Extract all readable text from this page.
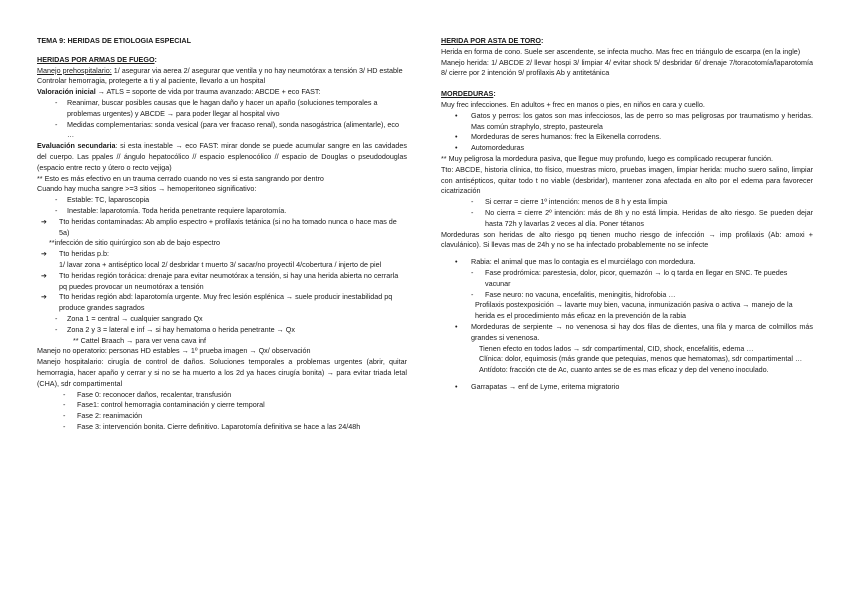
TEMA 9: HERIDAS DE ETIOLOGIA ESPECIAL

HERIDAS POR ARMAS DE FUEGO:

Manejo prehospitalario: 1/ asegurar via aerea 2/ asegurar que ventila y no hay neumotórax a tensión 3/ HD estable

Controlar hemorragia, protegerte a ti y al paciente, llevarlo a un hospital

Valoración inicial → ATLS = soporte de vida por trauma avanzado: ABCDE + eco FAST:

- Reanimar, buscar posibles causas que le hagan daño y hacer un apaño (soluciones temporales a problemas urgentes) y ABCDE → para poder llegar al hospital vivo
- Medidas complementarias: sonda vesical (para ver fracaso renal), sonda nasogástrica (alimentarle), eco …

Evaluación secundaria: si esta inestable → eco FAST: mirar donde se puede acumular sangre en las cavidades del cuerpo. Las ppales // ángulo hepatocólico // espacio esplenocólico // espacio de Douglas o pseudodouglas (espacio entre recto y útero o recto vejiga)

** Esto es más efectivo en un trauma cerrado cuando no ves si esta sangrando por dentro

Cuando hay mucha sangre >=3 sitios → hemoperitoneo significativo:

- Estable: TC, laparoscopia
- Inestable: laparotomía. Toda herida penetrante requiere laparotomía.
➔ Tto heridas contaminadas: Ab amplio espectro + profilaxis tetánica (si no ha tomado nunca o hace mas de 5a)

**infección de sitio quirúrgico son ab de bajo espectro

➔ Tto heridas p.b:

1/ lavar zona + antiséptico local 2/ desbridar t muerto 3/ sacar/no proyectil 4/cobertura / injerto de piel

➔ Tto heridas región torácica: drenaje para evitar neumotórax a tensión, si hay una herida abierta no cerrarla pq puedes provocar un neumotórax a tensión
➔ Tto heridas región abd: laparotomía urgente. Muy frec lesión esplénica → suele producir inestabilidad pq produce grandes sagrados
- Zona 1 = central → cualquier sangrado Qx
- Zona 2 y 3 = lateral e inf → si hay hematoma o herida penetrante → Qx

** Cattel Braach → para ver vena cava inf

Manejo no operatorio: personas HD estables → 1º prueba imagen → Qx/ observación

Manejo hospitalario: cirugía de control de daños. Soluciones temporales a problemas urgentes (abrir, quitar hemorragia, hacer apaño y cerrar y si no se ha muerto a los 2d ya haces cirugía bonita) → para evitar triada letal (CHA), sdr compartimental

- Fase 0: reconocer daños, recalentar, transfusión
- Fase1: control hemorragia contaminación y cierre temporal
- Fase 2: reanimación
- Fase 3: intervención bonita. Cierre definitivo. Laparotomía definitiva se hace a las 24/48h

HERIDA POR ASTA DE TORO:

Herida en forma de cono. Suele ser ascendente, se infecta mucho. Mas frec en triángulo de escarpa (en la ingle)

Manejo herida: 1/ ABCDE 2/ llevar hospi 3/ limpiar 4/ evitar shock 5/ desbridar 6/ drenaje 7/toracotomía/laparotomía 8/ cierre por 2 intención 9/ profilaxis Ab y antitetánica

MORDEDURAS:

Muy frec infecciones. En adultos + frec en manos o pies, en niños en cara y cuello.

• Gatos y perros: los gatos son mas infecciosos, las de perro so mas peligrosas por traumatismo y heridas. Mas común straphylo, strepto, pasteurela
• Mordeduras de seres humanos: frec la Eikenella corrodens.
• Automordeduras

** Muy peligrosa la mordedura pasiva, que llegue muy profundo, luego es complicado recuperar función.

Tto: ABCDE, historia clínica, tto físico, muestras micro, pruebas imagen, limpiar herida: mucho suero salino, limpiar con antisépticos, quitar todo t no viable (desbridar), mantener zona afectada en alto por el edema para favorecer cicatrización

- Si cerrar = cierre 1º intención: menos de 8 h y esta limpia
- No cierra = cierre 2º intención: más de 8h y no está limpia. Heridas de alto riesgo. Se pueden dejar hasta 72h y lavarlas 2 veces al día. Poner tétanos

Mordeduras son heridas de alto riesgo pq tienen mucho riesgo de infección → imp profilaxis (Ab: amoxi + clavulánico). Si llevas mas de 24h y no se ha infectado probablemente no se infecte

• Rabia: el animal que mas lo contagia es el murciélago con mordedura.
- Fase prodrómica: parestesia, dolor, picor, quemazón → lo q tarda en llegar en SNC. Te puedes vacunar
- Fase neuro: no vacuna, encefalitis, meningitis, hidrofobia …

Profilaxis postexposición → lavarte muy bien, vacuna, inmunización pasiva o activa → manejo de la herida es el procedimiento más eficaz en la prevención de la rabia

• Mordeduras de serpiente → no venenosa si hay dos filas de dientes, una fila y marca de colmillos más grandes si venenosa.

Tienen efecto en todos lados → sdr compartimental, CID, shock, encefalitis, edema …

Clínica: dolor, equimosis (más grande que petequias, menos que hematomas), sdr compartimental …

Antídoto: fracción cte de Ac, cuanto antes se de es mas eficaz y dep del veneno inoculado.

• Garrapatas → enf de Lyme, eritema migratorio
